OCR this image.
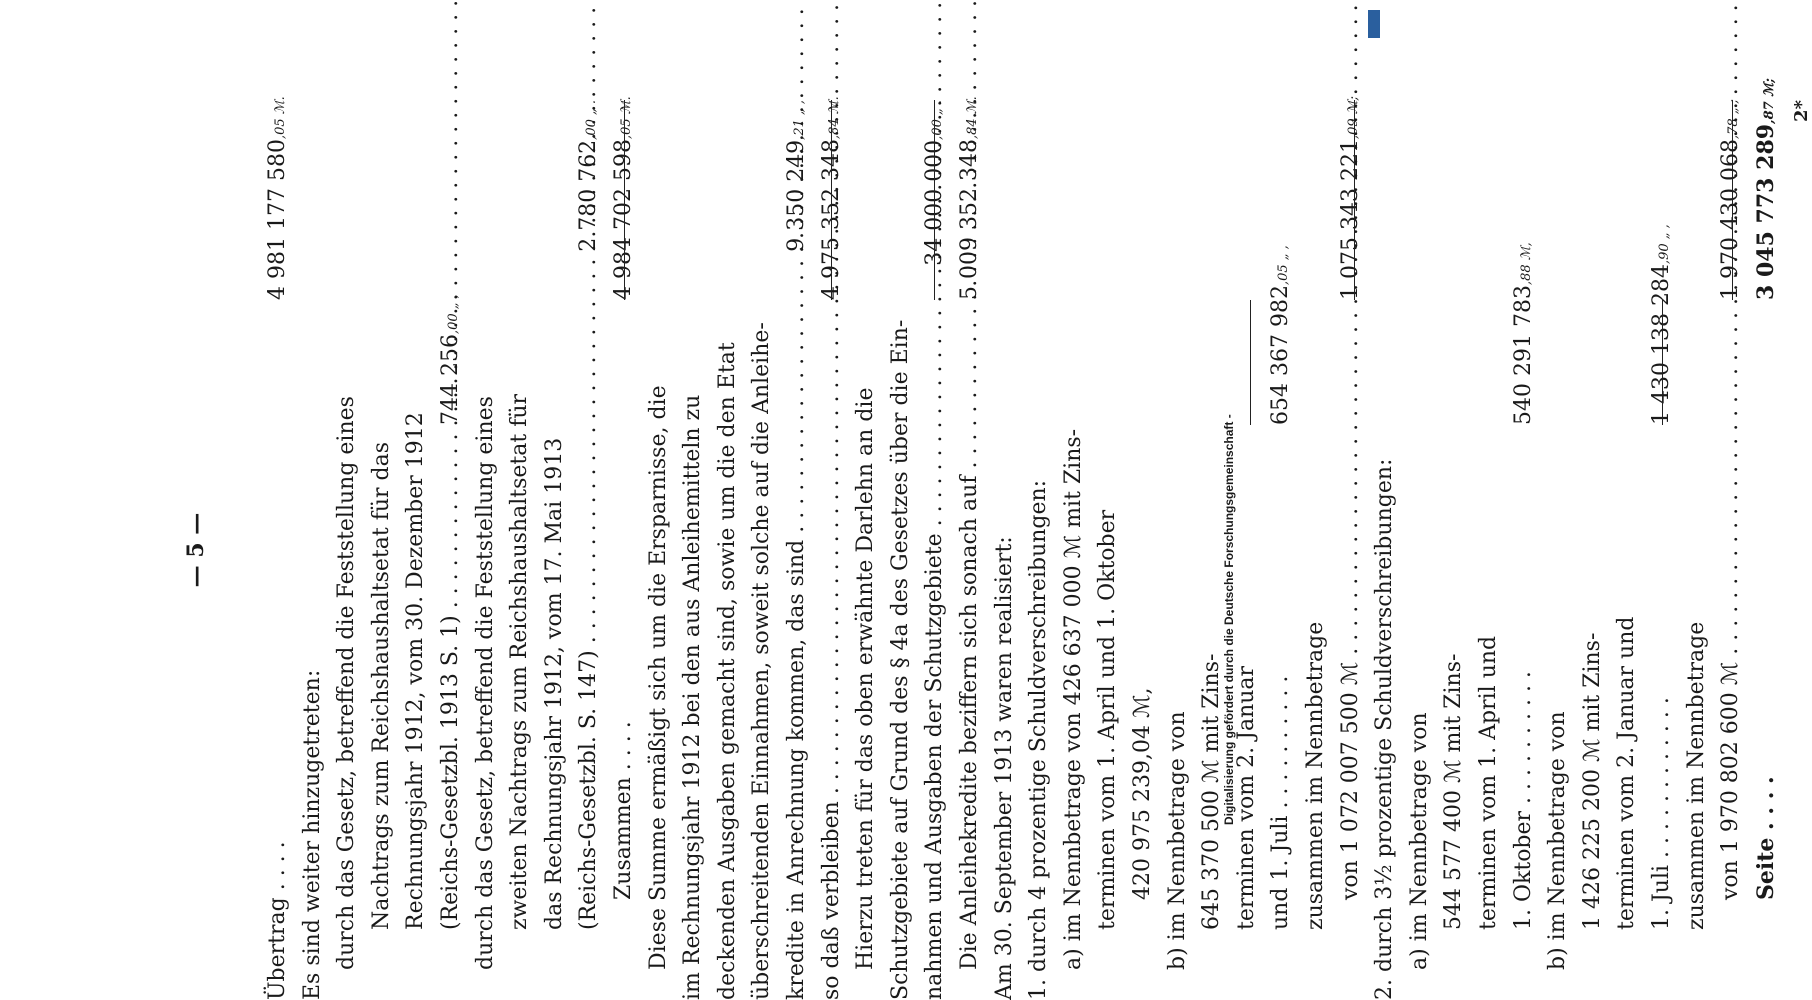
— 5 —
Übertrag . . . .
4 981 177 580,05 ℳ.
Es sind weiter hinzugetreten: durch das Gesetz, betreffend die Feststellung eines Nachtrags zum Reichshaushaltsetat für das Rechnungsjahr 1912, vom 30. Dezember 1912 (Reichs-Gesetzbl. 1913 S. 1) . . .
744 256,00 „ ,
durch das Gesetz, betreffend die Feststellung eines zweiten Nachtrags zum Reichshaushaltsetat für das Rechnungsjahr 1912, vom 17. Mai 1913 (Reichs-Gesetzbl. S. 147) . . .
2 780 762,00 „ .
Zusammen . . . .
4 984 702 598,05 ℳ.
Diese Summe ermäßigt sich um die Ersparnisse, die im Rechnungsjahr 1912 bei den aus Anleihemitteln zu deckenden Ausgaben gemacht sind, sowie um die den Etat überschreitenden Einnahmen, soweit solche auf die Anleihe- kredite in Anrechnung kommen, das sind . . .
9 350 249,21 „ ,
so daß verbleiben . . .
4 975 352 348,84 ℳ.
Hierzu treten für das oben erwähnte Darlehn an die Schutzgebiete auf Grund des § 4a des Gesetzes über die Ein- nahmen und Ausgaben der Schutzgebiete . . .
34 000 000,00 „ .
Die Anleihekredite beziffern sich sonach auf . . .
5 009 352 348,84 ℳ.
Am 30. September 1913 waren realisiert: 1. durch 4 prozentige Schuldverschreibungen: a) im Nennbetrage von 426 637 000 ℳ mit Zins- terminen vom 1. April und 1. Oktober 420 975 239,04 ℳ, b) im Nennbetrage von 645 370 500 ℳ mit Zins- terminen vom 2. Januar und 1. Juli . . . . . . . . . .
654 367 982,05 „ ,
zusammen im Nennbetrage von 1 072 007 500 ℳ . . .
1 075 343 221,09 ℳ;
2. durch 3½ prozentige Schuldverschreibungen: a) im Nennbetrage von 544 577 400 ℳ mit Zins- terminen vom 1. April und 1. Oktober . . . . . . . . . .
540 291 783,88 ℳ,
b) im Nennbetrage von 1 426 225 200 ℳ mit Zins- terminen vom 2. Januar und 1. Juli . . . . . . . . . . . .
1 430 138 284,90 „ ,
zusammen im Nennbetrage von 1 970 802 600 ℳ . . .
1 970 430 068,78 „ ;
Seite . . . .
3 045 773 289,87 ℳ; 2*
Digitalisierung gefördert durch die Deutsche Forschungsgemeinschaft -
